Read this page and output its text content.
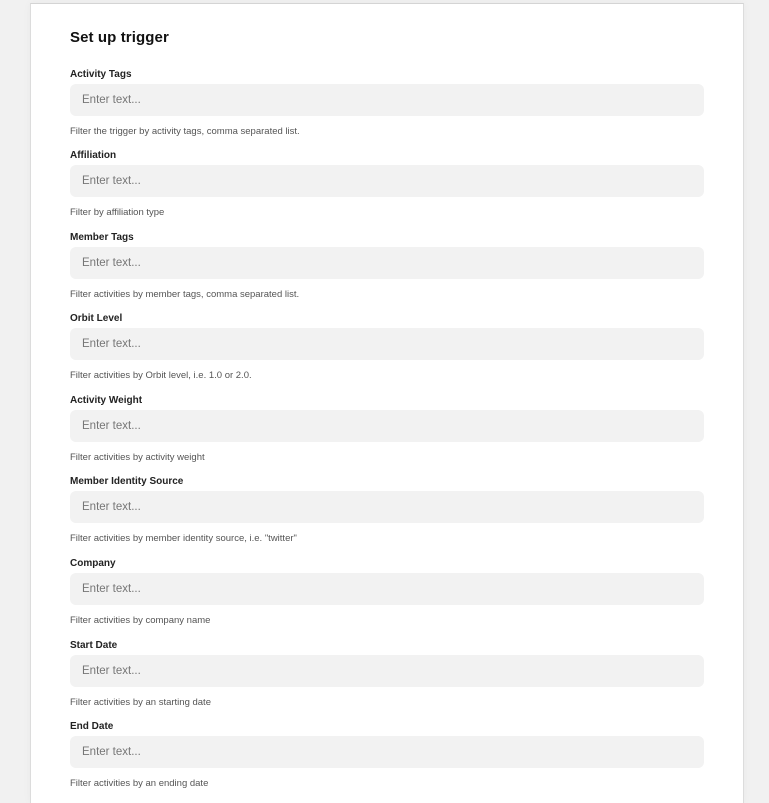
Set up trigger
Activity Tags
Enter text...
Filter the trigger by activity tags, comma separated list.
Affiliation
Enter text...
Filter by affiliation type
Member Tags
Enter text...
Filter activities by member tags, comma separated list.
Orbit Level
Enter text...
Filter activities by Orbit level, i.e. 1.0 or 2.0.
Activity Weight
Enter text...
Filter activities by activity weight
Member Identity Source
Enter text...
Filter activities by member identity source, i.e. "twitter"
Company
Enter text...
Filter activities by company name
Start Date
Enter text...
Filter activities by an starting date
End Date
Enter text...
Filter activities by an ending date
